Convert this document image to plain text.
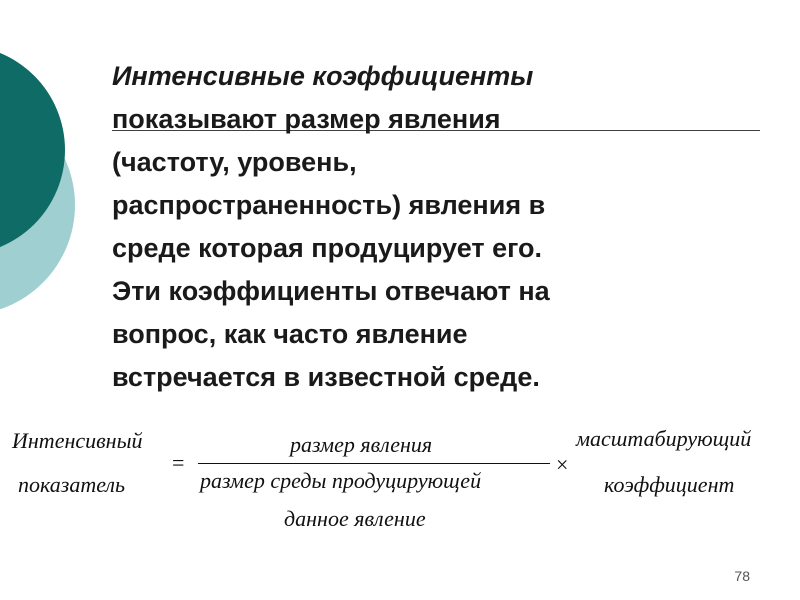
Интенсивные коэффициенты
показывают размер явления
(частоту, уровень,
распространенность) явления в
среде которая продуцирует его.
Эти коэффициенты отвечают на
вопрос, как часто явление
встречается в известной среде.
Интенсивный
показатель
=
размер явления
размер среды продуцирующей
данное явление
×
масштабирующий
коэффициент
78
